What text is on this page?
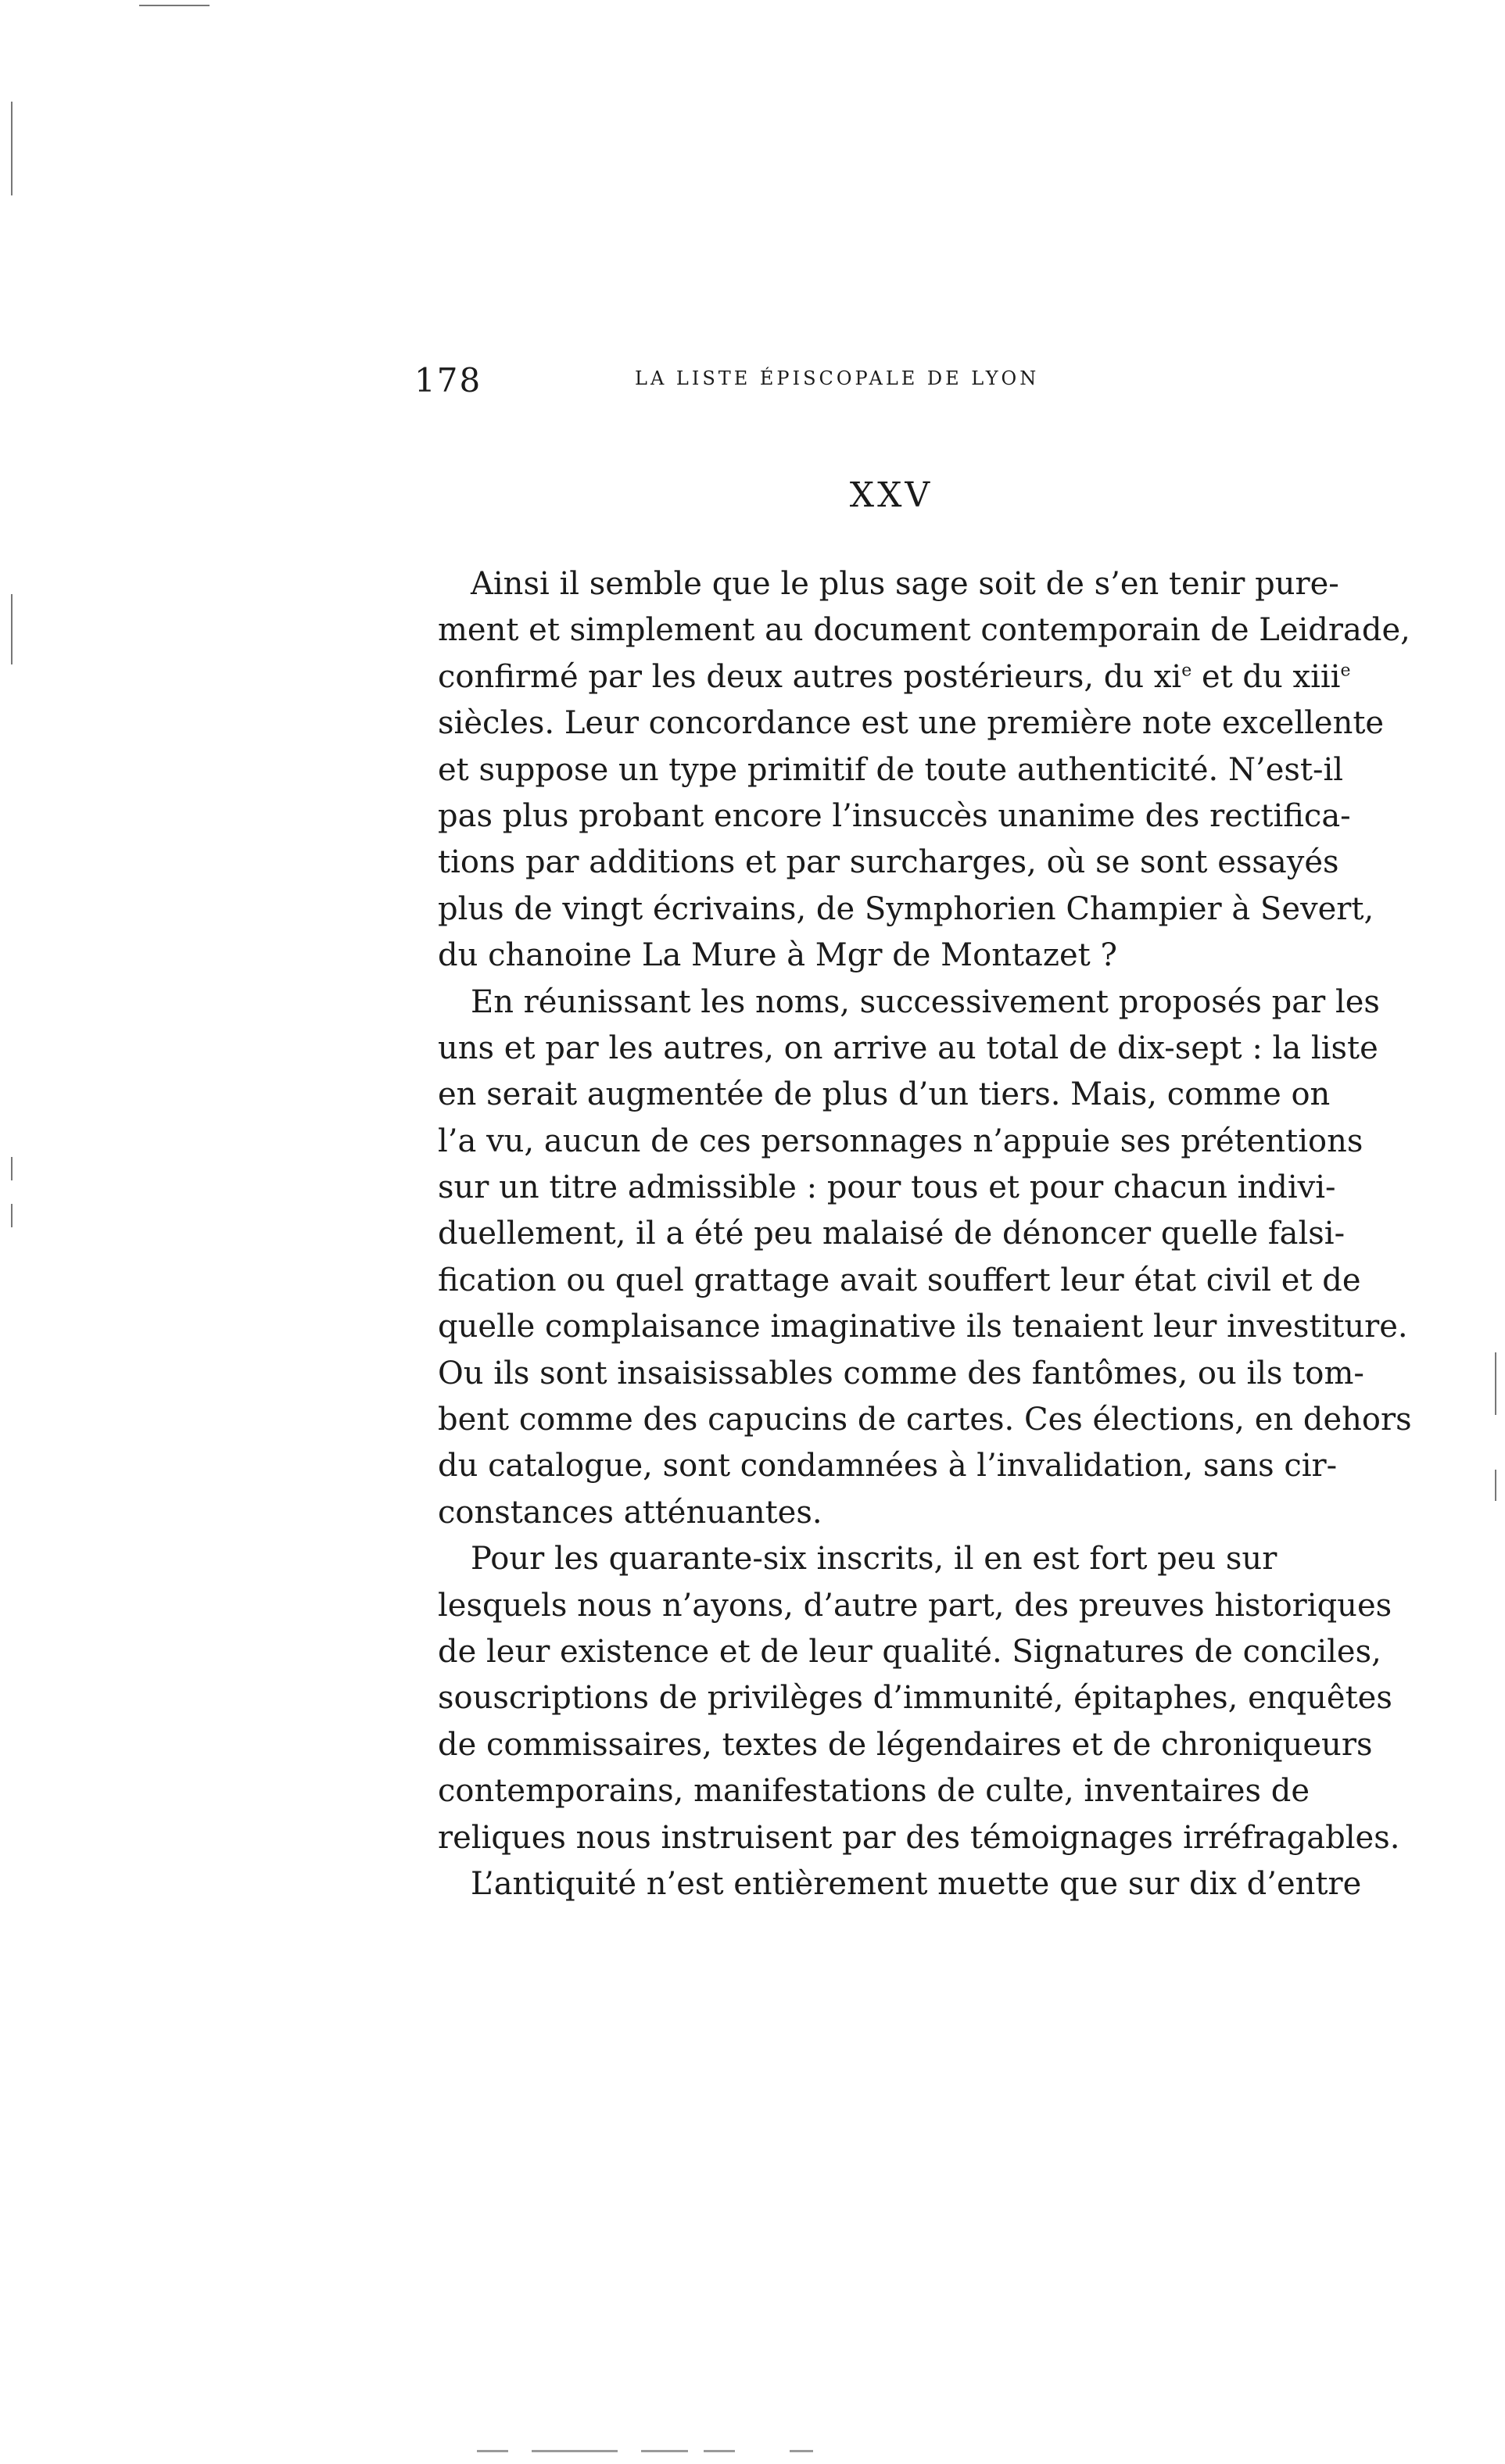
178	LA LISTE ÉPISCOPALE DE LYON
XXV
Ainsi il semble que le plus sage soit de s’en tenir pure-
ment et simplement au document contemporain de Leidrade,
confirmé par les deux autres postérieurs, du $xi^e$ et du xiii$^e$
siècles. Leur concordance est une première note excellente
et suppose un type primitif de toute authenticité. N’est-il
pas plus probant encore l’insuccès unanime des rectifica-
tions par additions et par surcharges, où se sont essayés
plus de vingt écrivains, de Symphorien Champier à Severt,
du chanoine La Mure à Mgr de Montazet ?
En réunissant les noms, successivement proposés par les
uns et par les autres, on arrive au total de dix-sept : la liste
en serait augmentée de plus d’un tiers. Mais, comme on
l’a vu, aucun de ces personnages n’appuie ses prétentions
sur un titre admissible : pour tous et pour chacun indivi-
duellement, il a été peu malaisé de dénoncer quelle falsi-
fication ou quel grattage avait souffert leur état civil et de
quelle complaisance imaginative ils tenaient leur investiture.
Ou ils sont insaisissables comme des fantômes, ou ils tom-
bent comme des capucins de cartes. Ces élections, en dehors
du catalogue, sont condamnées à l’invalidation, sans cir-
constances atténuantes.
Pour les quarante-six inscrits, il en est fort peu sur
lesquels nous n’ayons, d’autre part, des preuves historiques
de leur existence et de leur qualité. Signatures de conciles,
souscriptions de privilèges d’immunité, épitaphes, enquêtes
de commissaires, textes de légendaires et de chroniqueurs
contemporains, manifestations de culte, inventaires de
reliques nous instruisent par des témoignages irréfragables.
L’antiquité n’est entièrement muette que sur dix d’entre
